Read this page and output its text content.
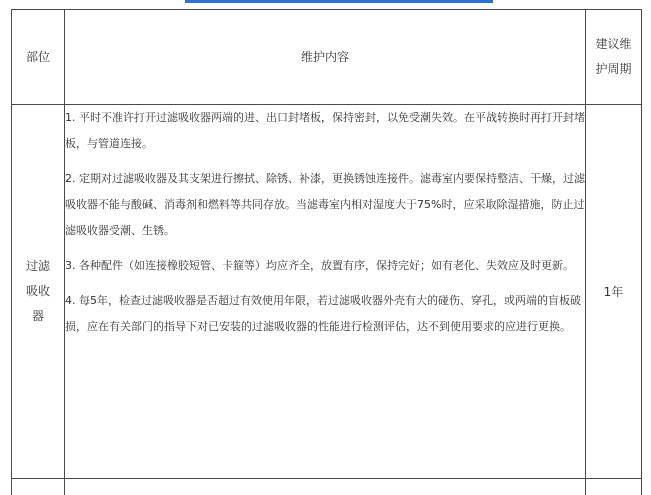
部位	维护内容	建议维
护周期

过滤吸收器	1. 平时不准许打开过滤吸收器两端的进、出口封堵板，保持密封，以免受潮失效。在平战转换时再打开封堵板，与管道连接。

2. 定期对过滤吸收器及其支架进行擦拭、除锈、补漆，更换锈蚀连接件。滤毒室内要保持整洁、干燥，过滤吸收器不能与酸碱、消毒剂和燃料等共同存放。当滤毒室内相对湿度大于75%时，应采取除湿措施，防止过滤吸收器受潮、生锈。

3. 各种配件（如连接橡胶短管、卡箍等）均应齐全，放置有序，保持完好；如有老化、失效应及时更新。

4. 每5年，检查过滤吸收器是否超过有效使用年限，若过滤吸收器外壳有大的碰伤、穿孔，或两端的盲板破损，应在有关部门的指导下对已安装的过滤吸收器的性能进行检测评估，达不到使用要求的应进行更换。	1年
